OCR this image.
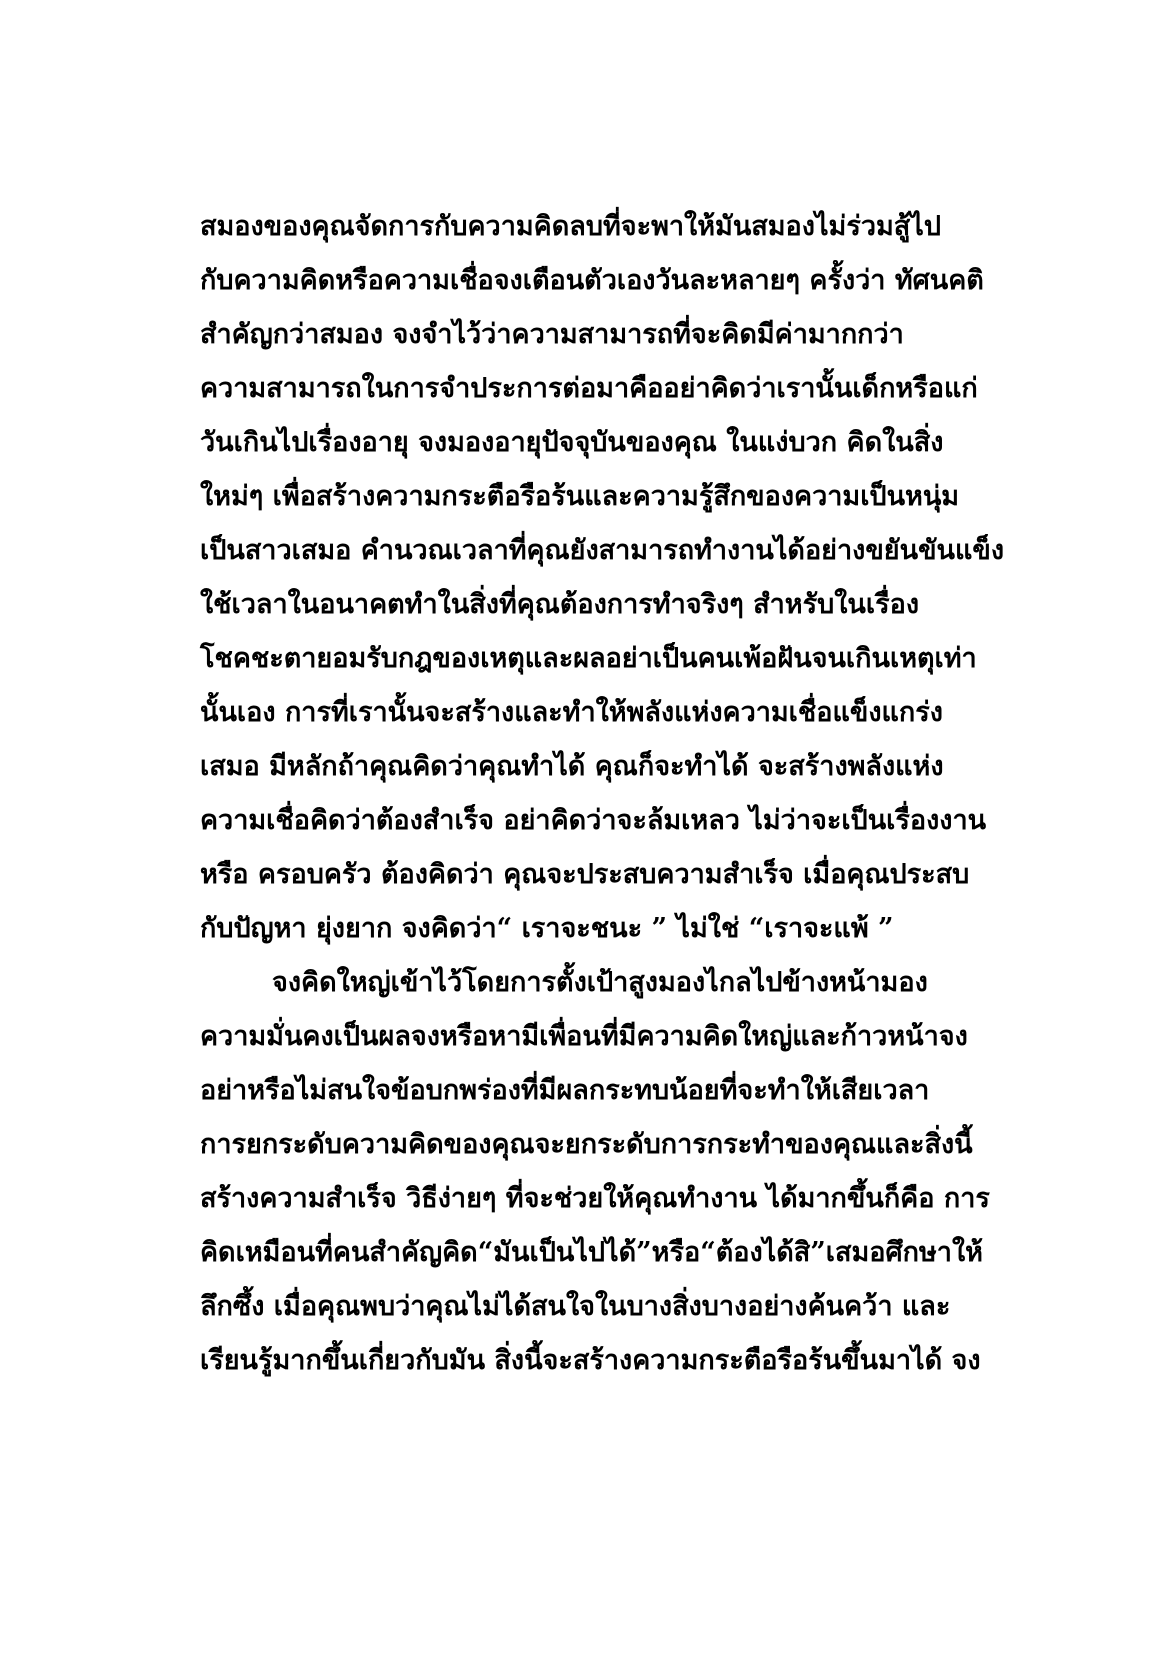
สมองของคุณจัดการกับความคิดลบที่จะพาให้มันสมองไม่ร่วมสู้ไป
กับความคิดหรือความเชื่อจงเตือนตัวเองวันละหลายๆ ครั้งว่า ทัศนคติ
สำคัญกว่าสมอง จงจำไว้ว่าความสามารถที่จะคิดมีค่ามากกว่า
ความสามารถในการจำประการต่อมาคืออย่าคิดว่าเรานั้นเด็กหรือแก่
วันเกินไปเรื่องอายุ จงมองอายุปัจจุบันของคุณ ในแง่บวก คิดในสิ่ง
ใหม่ๆ เพื่อสร้างความกระตือรือร้นและความรู้สึกของความเป็นหนุ่ม
เป็นสาวเสมอ คำนวณเวลาที่คุณยังสามารถทำงานได้อย่างขยันขันแข็ง
ใช้เวลาในอนาคตทำในสิ่งที่คุณต้องการทำจริงๆ สำหรับในเรื่อง
โชคชะตายอมรับกฎของเหตุและผลอย่าเป็นคนเพ้อฝันจนเกินเหตุเท่า
นั้นเอง การที่เรานั้นจะสร้างและทำให้พลังแห่งความเชื่อแข็งแกร่ง
เสมอ มีหลักถ้าคุณคิดว่าคุณทำได้ คุณก็จะทำได้ จะสร้างพลังแห่ง
ความเชื่อคิดว่าต้องสำเร็จ อย่าคิดว่าจะล้มเหลว ไม่ว่าจะเป็นเรื่องงาน
หรือ ครอบครัว ต้องคิดว่า คุณจะประสบความสำเร็จ เมื่อคุณประสบ
กับปัญหา ยุ่งยาก จงคิดว่า“ เราจะชนะ ” ไม่ใช่ “เราจะแพ้ ”
จงคิดใหญ่เข้าไว้โดยการตั้งเป้าสูงมองไกลไปข้างหน้ามอง
ความมั่นคงเป็นผลจงหรือหามีเพื่อนที่มีความคิดใหญ่และก้าวหน้าจง
อย่าหรือไม่สนใจข้อบกพร่องที่มีผลกระทบน้อยที่จะทำให้เสียเวลา
การยกระดับความคิดของคุณจะยกระดับการกระทำของคุณและสิ่งนี้
สร้างความสำเร็จ วิธีง่ายๆ ที่จะช่วยให้คุณทำงาน ได้มากขึ้นก็คือ การ
คิดเหมือนที่คนสำคัญคิด“มันเป็นไปได้”หรือ“ต้องได้สิ”เสมอศึกษาให้
ลึกซึ้ง เมื่อคุณพบว่าคุณไม่ได้สนใจในบางสิ่งบางอย่างค้นคว้า และ
เรียนรู้มากขึ้นเกี่ยวกับมัน สิ่งนี้จะสร้างความกระตือรือร้นขึ้นมาได้ จง
